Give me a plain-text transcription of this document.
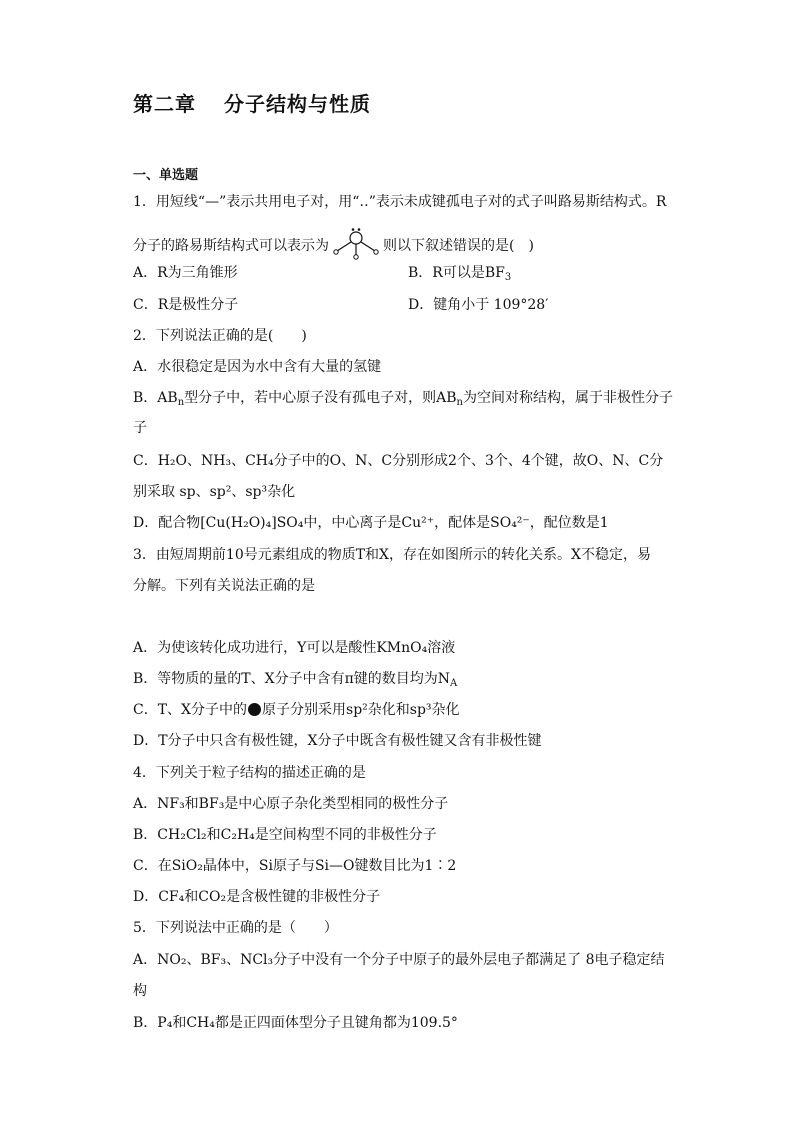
第二章 分子结构与性质
一、单选题
1．用短线“—”表示共用电子对，用“‥”表示未成键孤电子对的式子叫路易斯结构式。R
分子的路易斯结构式可以表示为	则以下叙述错误的是(　)
A．R为三角锥形	B．R可以是$BF_3$
C．R是极性分子	D．键角小于 109°28′
2．下列说法正确的是(　　)
A．水很稳定是因为水中含有大量的氢键
B．$AB_n$型分子中，若中心原子没有孤电子对，则$AB_n$为空间对称结构，属于非极性分子
子
C．H₂O、NH₃、CH₄分子中的O、N、C分别形成2个、3个、4个键，故O、N、C分
别采取 sp、sp²、sp³杂化
D．配合物[Cu(H₂O)₄]SO₄中，中心离子是Cu²⁺，配体是SO₄²⁻，配位数是1
3．由短周期前10号元素组成的物质T和X，存在如图所示的转化关系。X不稳定，易
分解。下列有关说法正确的是
A．为使该转化成功进行，Y可以是酸性KMnO₄溶液
B．等物质的量的T、X分子中含有π键的数目均为$N_A$
C．T、X分子中的 原子分别采用sp²杂化和sp³杂化
D．T分子中只含有极性键，X分子中既含有极性键又含有非极性键
4．下列关于粒子结构的描述正确的是
A．NF₃和BF₃是中心原子杂化类型相同的极性分子
B．CH₂Cl₂和C₂H₄是空间构型不同的非极性分子
C．在SiO₂晶体中，Si原子与Si—O键数目比为1∶2
D．CF₄和CO₂是含极性键的非极性分子
5．下列说法中正确的是（　　）
A．NO₂、BF₃、NCl₃分子中没有一个分子中原子的最外层电子都满足了 8电子稳定结
构
B．P₄和CH₄都是正四面体型分子且键角都为109.5°
